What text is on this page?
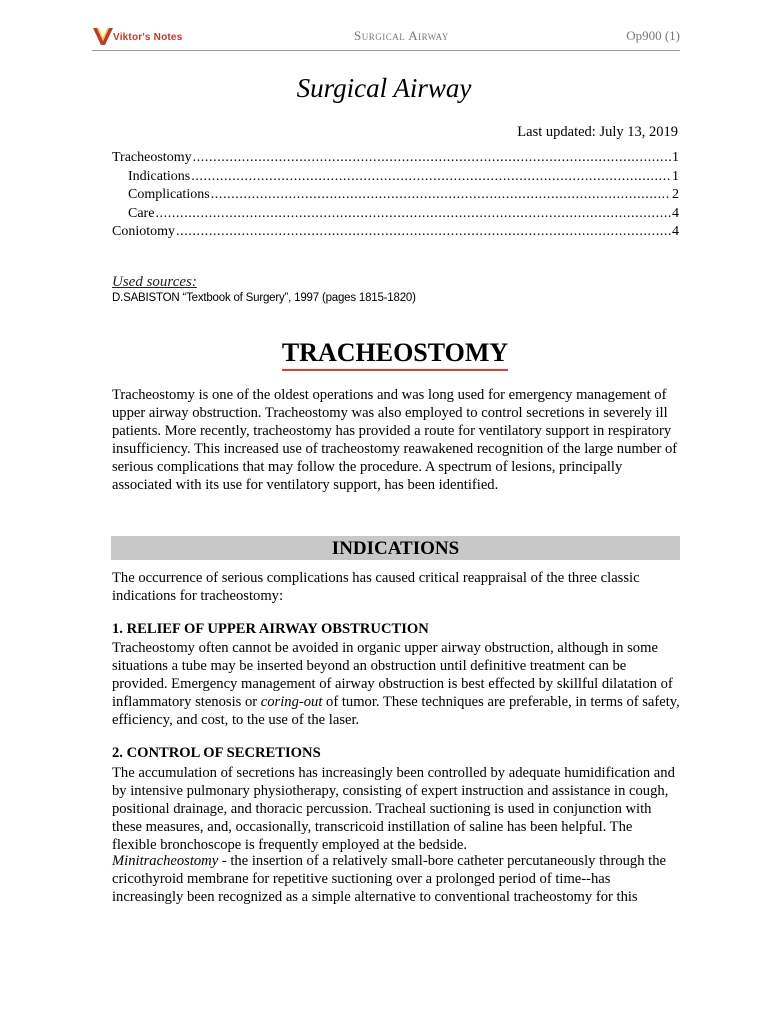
Viktor's Notes	Surgical Airway	Op900 (1)
Surgical Airway
Last updated: July 13, 2019
Tracheostomy .....	1
Indications .....	1
Complications .....	2
Care .....	4
Coniotomy .....	4
Used sources:
D.SABISTON “Textbook of Surgery”, 1997 (pages 1815-1820)
TRACHEOSTOMY

Tracheostomy is one of the oldest operations and was long used for emergency management of upper airway obstruction. Tracheostomy was also employed to control secretions in severely ill patients. More recently, tracheostomy has provided a route for ventilatory support in respiratory insufficiency. This increased use of tracheostomy reawakened recognition of the large number of serious complications that may follow the procedure. A spectrum of lesions, principally associated with its use for ventilatory support, has been identified.

INDICATIONS

The occurrence of serious complications has caused critical reappraisal of the three classic indications for tracheostomy:

1. RELIEF OF UPPER AIRWAY OBSTRUCTION

Tracheostomy often cannot be avoided in organic upper airway obstruction, although in some situations a tube may be inserted beyond an obstruction until definitive treatment can be provided. Emergency management of airway obstruction is best effected by skillful dilatation of inflammatory stenosis or coring-out of tumor. These techniques are preferable, in terms of safety, efficiency, and cost, to the use of the laser.

2. CONTROL OF SECRETIONS

The accumulation of secretions has increasingly been controlled by adequate humidification and by intensive pulmonary physiotherapy, consisting of expert instruction and assistance in cough, positional drainage, and thoracic percussion. Tracheal suctioning is used in conjunction with these measures, and, occasionally, transcricoid instillation of saline has been helpful. The flexible bronchoscope is frequently employed at the bedside.

Minitracheostomy - the insertion of a relatively small-bore catheter percutaneously through the cricothyroid membrane for repetitive suctioning over a prolonged period of time--has increasingly been recognized as a simple alternative to conventional tracheostomy for this
